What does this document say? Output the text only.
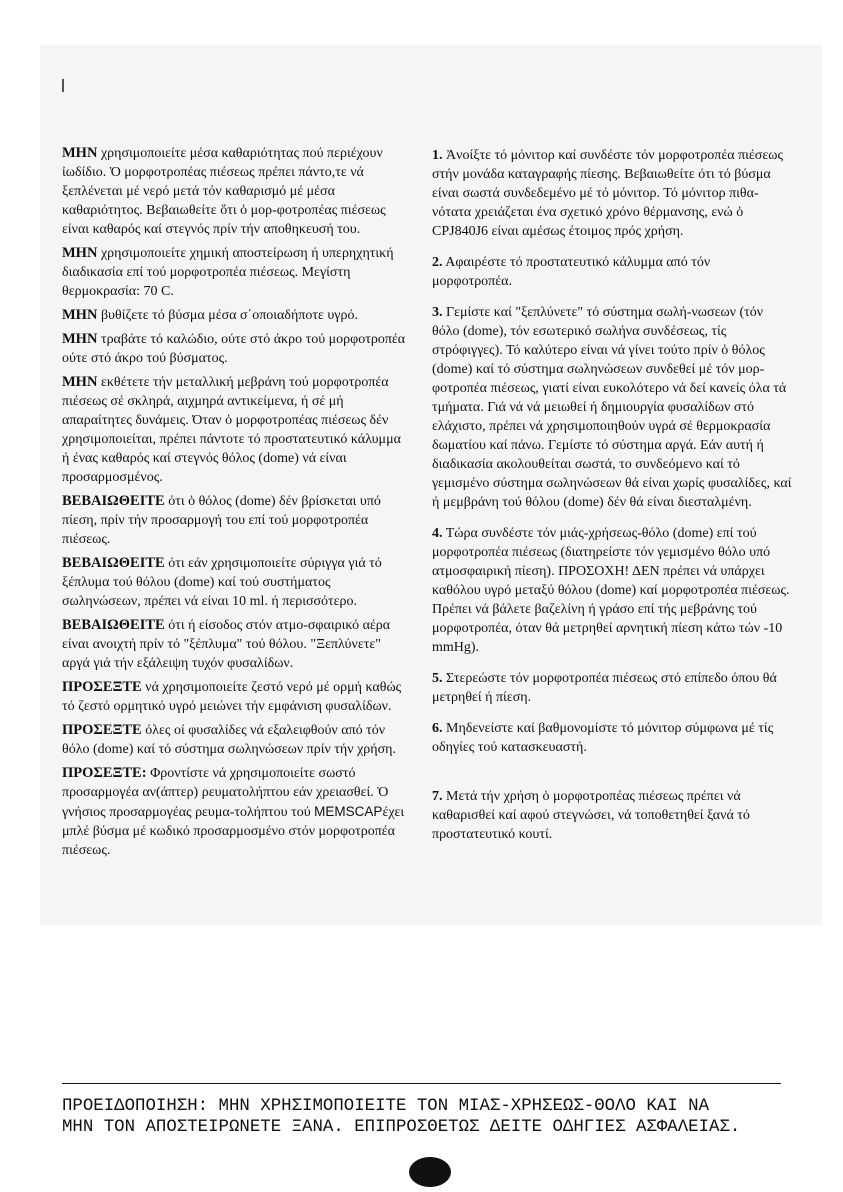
ΜΗΝ χρησιμοποιείτε μέσα καθαριότητας πού περιέχουν ἰωδίδιο. Ὁ μορφοτροπέας πιέσεως πρέπει πάντο,τε νά ξεπλένεται μέ νερό μετά τόν καθαρισμό μέ μέσα καθαριότητος. Βεβαιωθείτε ὅτι ὁ μορ-φοτροπέας πιέσεως είναι καθαρός καί στεγνός πρίν τήν αποθηκευσή του.

ΜΗΝ χρησιμοποιείτε χημική αποστείρωση ή υπερηχητική διαδικασία επί τού μορφοτροπέα πιέσεως. Μεγίστη θερμοκρασία: 70 C.

ΜΗΝ βυθίζετε τό βύσμα μέσα σ΄οποιαδήποτε υγρό.

ΜΗΝ τραβάτε τό καλώδιο, ούτε στό άκρο τού μορφοτροπέα ούτε στό άκρο τού βύσματος.

ΜΗΝ εκθέτετε τήν μεταλλική μεβράνη τού μορφοτροπέα πιέσεως σέ σκληρά, αιχμηρά αντικείμενα, ή σέ μή απαραίτητες δυνάμεις. Όταν ὁ μορφοτροπέας πιέσεως δέν χρησιμοποιείται, πρέπει πάντοτε τό προστατευτικό κάλυμμα ή ένας καθαρός καί στεγνός θόλος (dome) νά είναι προσαρμοσμένος.

ΒΕΒΑΙΩΘΕΙΤΕ ότι ὁ θόλος (dome) δέν βρίσκεται υπό πίεση, πρίν τήν προσαρμογή του επί τού μορφοτροπέα πιέσεως.

ΒΕΒΑΙΩΘΕΙΤΕ ότι εάν χρησιμοποιείτε σύριγγα γιά τό ξέπλυμα τού θόλου (dome) καί τού συστήματος σωληνώσεων, πρέπει νά είναι 10 ml. ή περισσότερο.

ΒΕΒΑΙΩΘΕΙΤΕ ότι ή είσοδος στόν ατμο-σφαιρικό αέρα είναι ανοιχτή πρίν τό "ξέπλυμα" τού θόλου. "Ξεπλύνετε" αργά γιά τήν εξάλειψη τυχόν φυσαλίδων.

ΠΡΟΣΕΞΤΕ νά χρησιμοποιείτε ζεστό νερό μέ ορμή καθώς τό ζεστό ορμητικό υγρό μειώνει τήν εμφάνιση φυσαλίδων.

ΠΡΟΣΕΞΤΕ όλες οί φυσαλίδες νά εξαλειφθούν από τόν θόλο (dome) καί τό σύστημα σωληνώσεων πρίν τήν χρήση.

ΠΡΟΣΕΞΤΕ: Φροντίστε νά χρησιμοποιείτε σωστό προσαρμογέα αν(άπτερ) ρευματολήπτου εάν χρειασθεί. Ὁ γνήσιος προσαρμογέας ρευμα-τολήπτου τού MEMSCAPέχει μπλέ βύσμα μέ κωδικό προσαρμοσμένο στόν μορφοτροπέα πιέσεως.

1. Ἀνοίξτε τό μόνιτορ καί συνδέστε τόν μορφοτροπέα πιέσεως στήν μονάδα καταγραφής πίεσης. Βεβαιωθείτε ότι τό βύσμα είναι σωστά συνδεδεμένο μέ τό μόνιτορ. Τό μόνιτορ πιθα-νότατα χρειάζεται ένα σχετικό χρόνο θέρμανσης, ενώ ὁ CPJ840J6 είναι αμέσως έτοιμος πρός χρήση.

2. Αφαιρέστε τό προστατευτικό κάλυμμα από τόν μορφοτροπέα.

3. Γεμίστε καί "ξεπλύνετε" τό σύστημα σωλή-νωσεων (τόν θόλο (dome), τόν εσωτερικό σωλήνα συνδέσεως, τίς στρόφιγγες). Τό καλύτερο είναι νά γίνει τούτο πρίν ὁ θόλος (dome) καί τό σύστημα σωληνώσεων συνδεθεί μέ τόν μορ-φοτροπέα πιέσεως, γιατί είναι ευκολότερο νά δεί κανείς όλα τά τμήματα. Γιά νά νά μειωθεί ή δημιουργία φυσαλίδων στό ελάχιστο, πρέπει νά χρησιμοποιηθούν υγρά σέ θερμοκρασία δωματίου καί πάνω. Γεμίστε τό σύστημα αργά. Εάν αυτή ή διαδικασία ακολουθείται σωστά, το συνδεόμενο καί τό γεμισμένο σύστημα σωληνώσεων θά είναι χωρίς φυσαλίδες, καί ή μεμβράνη τού θόλου (dome) δέν θά είναι διεσταλμένη.

4. Τώρα συνδέστε τόν μιάς-χρήσεως-θόλο (dome) επί τού μορφοτροπέα πιέσεως (διατηρείστε τόν γεμισμένο θόλο υπό ατμοσφαιρική πίεση). ΠΡΟΣΟΧΗ! ΔΕΝ πρέπει νά υπάρχει καθόλου υγρό μεταξύ θόλου (dome) καί μορφοτροπέα πιέσεως. Πρέπει νά βάλετε βαζελίνη ή γράσο επί τής μεβράνης τού μορφοτροπέα, όταν θά μετρηθεί αρνητική πίεση κάτω τών -10 mmHg).

5. Στερεώστε τόν μορφοτροπέα πιέσεως στό επίπεδο όπου θά μετρηθεί ή πίεση.

6. Μηδενείστε καί βαθμονομίστε τό μόνιτορ σύμφωνα μέ τίς οδηγίες τού κατασκευαστή.

7. Μετά τήν χρήση ὁ μορφοτροπέας πιέσεως πρέπει νά καθαρισθεί καί αφού στεγνώσει, νά τοποθετηθεί ξανά τό προστατευτικό κουτί.

ΠΡΟΕΙΔΟΠΟΙΗΣΗ: ΜΗΝ ΧΡΗΣΙΜΟΠΟΙΕΙΤΕ ΤΟΝ ΜΙΑΣ-ΧΡΗΣΕΩΣ-ΘΟΛΟ ΚΑΙ ΝΑ
ΜΗΝ ΤΟΝ ΑΠΟΣΤΕΙΡΩΝΕΤΕ ΞΑΝΑ. ΕΠΙΠΡΟΣΘΕΤΩΣ ΔΕΙΤΕ ΟΔΗΓΙΕΣ ΑΣΦΑΛΕΙΑΣ.
